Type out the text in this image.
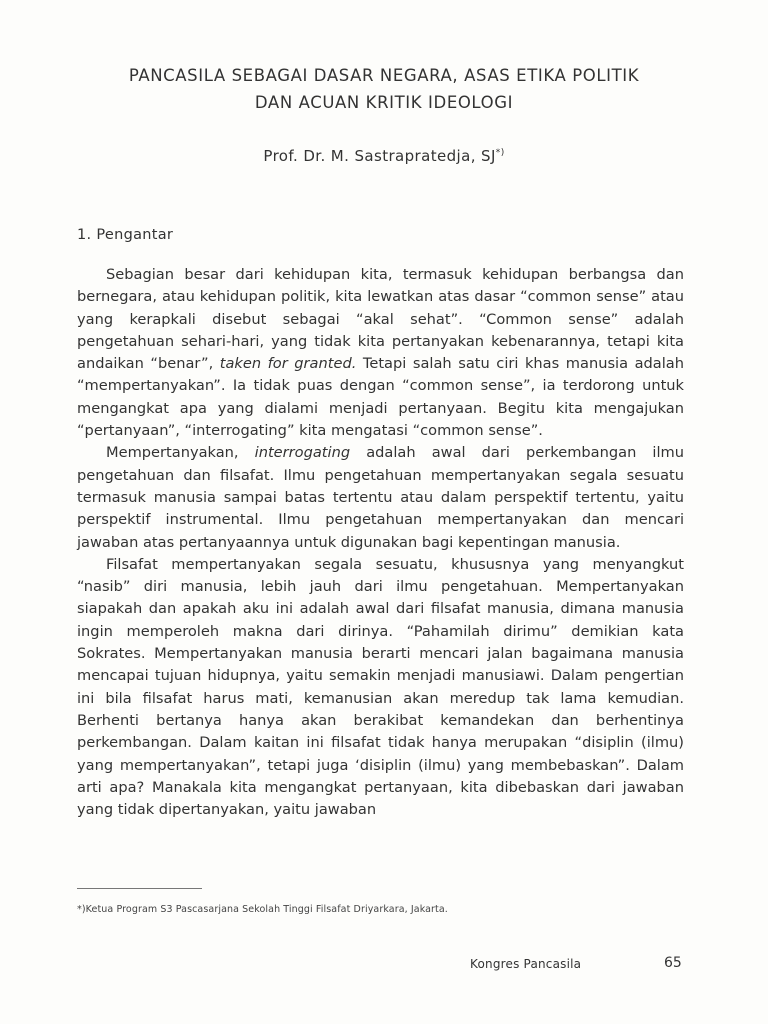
PANCASILA SEBAGAI DASAR NEGARA, ASAS ETIKA POLITIK
DAN ACUAN KRITIK IDEOLOGI
Prof. Dr. M. Sastrapratedja, SJ*)
1. Pengantar

Sebagian besar dari kehidupan kita, termasuk kehidupan berbangsa dan bernegara, atau kehidupan politik, kita lewatkan atas dasar “common sense” atau yang kerapkali disebut sebagai “akal sehat”. “Common sense” adalah pengetahuan sehari-hari, yang tidak kita pertanyakan kebenarannya, tetapi kita andaikan “benar”, taken for granted. Tetapi salah satu ciri khas manusia adalah “mempertanyakan”. Ia tidak puas dengan “common sense”, ia terdorong untuk mengangkat apa yang dialami menjadi pertanyaan. Begitu kita mengajukan “pertanyaan”, “interrogating” kita mengatasi “common sense”.

Mempertanyakan, interrogating adalah awal dari perkembangan ilmu pengetahuan dan filsafat. Ilmu pengetahuan mempertanyakan segala sesuatu termasuk manusia sampai batas tertentu atau dalam perspektif tertentu, yaitu perspektif instrumental. Ilmu pengetahuan mempertanyakan dan mencari jawaban atas pertanyaannya untuk digunakan bagi kepentingan manusia.

Filsafat mempertanyakan segala sesuatu, khususnya yang menyangkut “nasib” diri manusia, lebih jauh dari ilmu pengetahuan. Mempertanyakan siapakah dan apakah aku ini adalah awal dari filsafat manusia, dimana manusia ingin memperoleh makna dari dirinya. “Pahamilah dirimu” demikian kata Sokrates. Mempertanyakan manusia berarti mencari jalan bagaimana manusia mencapai tujuan hidupnya, yaitu semakin menjadi manusiawi. Dalam pengertian ini bila filsafat harus mati, kemanusian akan meredup tak lama kemudian. Berhenti bertanya hanya akan berakibat kemandekan dan berhentinya perkembangan. Dalam kaitan ini filsafat tidak hanya merupakan “disiplin (ilmu) yang mempertanyakan”, tetapi juga ‘disiplin (ilmu) yang membebaskan”. Dalam arti apa? Manakala kita mengangkat pertanyaan, kita dibebaskan dari jawaban yang tidak dipertanyakan, yaitu jawaban

*)Ketua Program S3 Pascasarjana Sekolah Tinggi Filsafat Driyarkara, Jakarta.
Kongres Pancasila	65
